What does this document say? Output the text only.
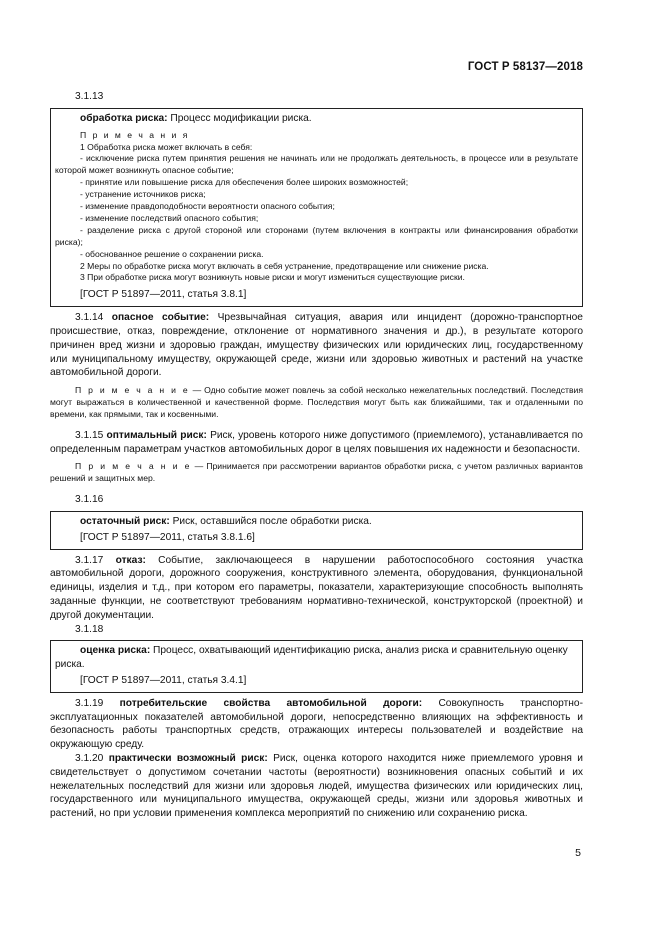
ГОСТ Р 58137—2018

3.1.13

обработка риска: Процесс модификации риска.

П р и м е ч а н и я

1 Обработка риска может включать в себя:

- исключение риска путем принятия решения не начинать или не продолжать деятельность, в процессе или в результате которой может возникнуть опасное событие;

- принятие или повышение риска для обеспечения более широких возможностей;

- устранение источников риска;

- изменение правдоподобности вероятности опасного события;

- изменение последствий опасного события;

- разделение риска с другой стороной или сторонами (путем включения в контракты или финансирования обработки риска);

- обоснованное решение о сохранении риска.

2 Меры по обработке риска могут включать в себя устранение, предотвращение или снижение риска.

3 При обработке риска могут возникнуть новые риски и могут измениться существующие риски.

[ГОСТ Р 51897—2011, статья 3.8.1]

3.1.14 опасное событие: Чрезвычайная ситуация, авария или инцидент (дорожно-транспортное происшествие, отказ, повреждение, отклонение от нормативного значения и др.), в результате которого причинен вред жизни и здоровью граждан, имуществу физических или юридических лиц, государственному или муниципальному имуществу, окружающей среде, жизни или здоровью животных и растений на участке автомобильной дороги.

П р и м е ч а н и е — Одно событие может повлечь за собой несколько нежелательных последствий. Последствия могут выражаться в количественной и качественной форме. Последствия могут быть как ближайшими, так и отдаленными по времени, как прямыми, так и косвенными.

3.1.15 оптимальный риск: Риск, уровень которого ниже допустимого (приемлемого), устанавливается по определенным параметрам участков автомобильных дорог в целях повышения их надежности и безопасности.

П р и м е ч а н и е — Принимается при рассмотрении вариантов обработки риска, с учетом различных вариантов решений и защитных мер.

3.1.16

остаточный риск: Риск, оставшийся после обработки риска.

[ГОСТ Р 51897—2011, статья 3.8.1.6]

3.1.17 отказ: Событие, заключающееся в нарушении работоспособного состояния участка автомобильной дороги, дорожного сооружения, конструктивного элемента, оборудования, функциональной единицы, изделия и т.д., при котором его параметры, показатели, характеризующие способность выполнять заданные функции, не соответствуют требованиям нормативно-технической, конструкторской (проектной) и другой документации.

3.1.18

оценка риска: Процесс, охватывающий идентификацию риска, анализ риска и сравнительную оценку риска.

[ГОСТ Р 51897—2011, статья 3.4.1]

3.1.19 потребительские свойства автомобильной дороги: Совокупность транспортно-эксплуатационных показателей автомобильной дороги, непосредственно влияющих на эффективность и безопасность работы транспортных средств, отражающих интересы пользователей и воздействие на окружающую среду.

3.1.20 практически возможный риск: Риск, оценка которого находится ниже приемлемого уровня и свидетельствует о допустимом сочетании частоты (вероятности) возникновения опасных событий и их нежелательных последствий для жизни или здоровья людей, имущества физических или юридических лиц, государственного или муниципального имущества, окружающей среды, жизни или здоровья животных и растений, но при условии применения комплекса мероприятий по снижению или сохранению риска.

5
